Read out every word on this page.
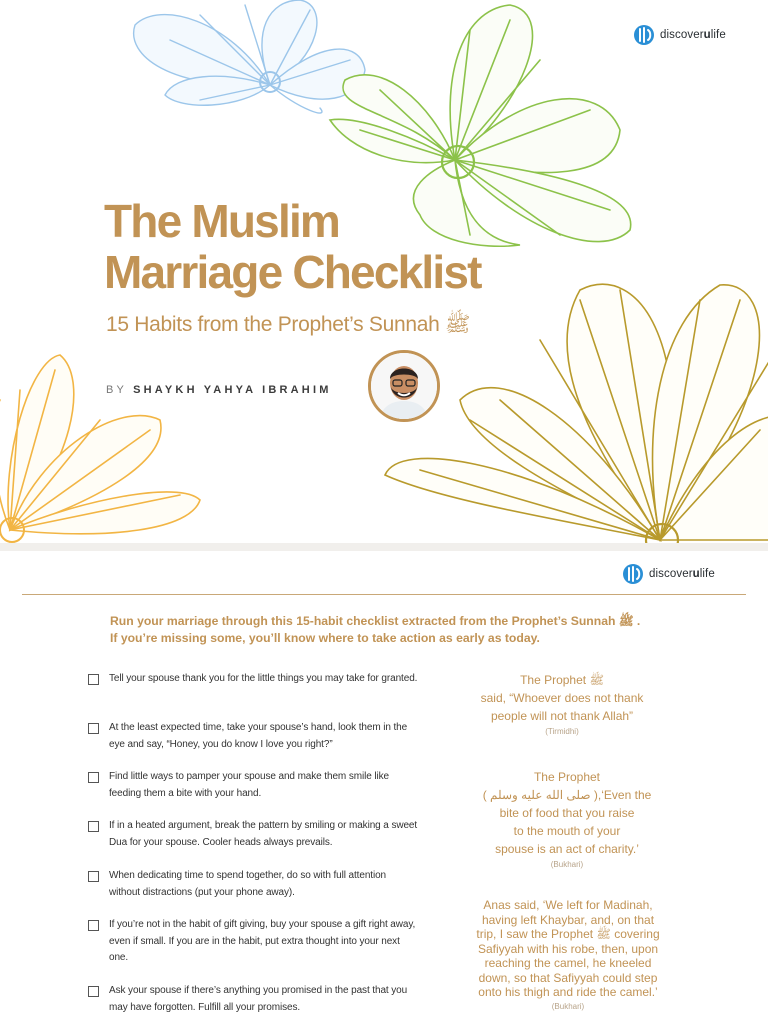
discoverulife
The Muslim
Marriage Checklist
15 Habits from the Prophet’s Sunnah ﷺ
BY SHAYKH YAHYA IBRAHIM
discoverulife
Run your marriage through this 15-habit checklist extracted from the Prophet’s Sunnah ﷺ .
If you’re missing some, you’ll know where to take action as early as today.
Tell your spouse thank you for the little things you may take for granted.
At the least expected time, take your spouse’s hand, look them in the eye and say, “Honey, you do know I love you right?”
Find little ways to pamper your spouse and make them smile like feeding them a bite with your hand.
If in a heated argument, break the pattern by smiling or making a sweet Dua for your spouse. Cooler heads always prevails.
When dedicating time to spend together, do so with full attention without distractions (put your phone away).
If you’re not in the habit of gift giving, buy your spouse a gift right away, even if small. If you are in the habit, put extra thought into your next one.
Ask your spouse if there’s anything you promised in the past that you may have forgotten. Fulfill all your promises.
The Prophet ﷺ
said, “Whoever does not thank
people will not thank Allah”
(Tirmidhi)
The Prophet
( صلى الله عليه وسلم ),‘Even the
bite of food that you raise
to the mouth of your
spouse is an act of charity.’
(Bukhari)
Anas said, ‘We left for Madinah,
having left Khaybar, and, on that
trip, I saw the Prophet ﷺ covering
Safiyyah with his robe, then, upon
reaching the camel, he kneeled
down, so that Safiyyah could step
onto his thigh and ride the camel.’
(Bukhari)
